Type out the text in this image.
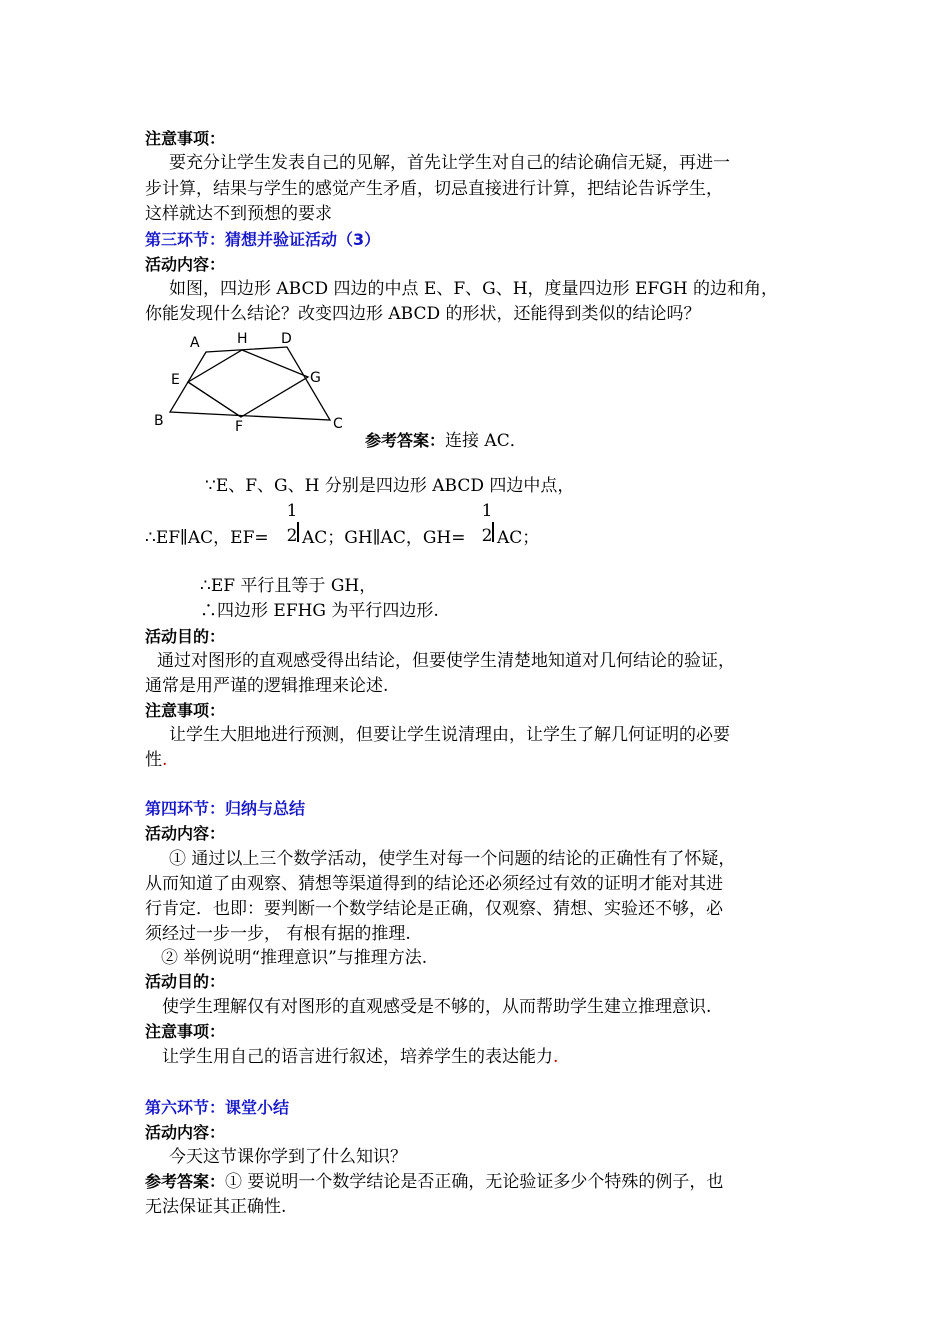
注意事项：
要充分让学生发表自己的见解，首先让学生对自己的结论确信无疑，再进一
步计算，结果与学生的感觉产生矛盾，切忌直接进行计算，把结论告诉学生，
这样就达不到预想的要求
第三环节：猜想并验证活动（3）
活动内容：
如图，四边形 ABCD 四边的中点 E、F、G、H，度量四边形 EFGH 的边和角，
你能发现什么结论？改变四边形 ABCD 的形状，还能得到类似的结论吗？
A	H D
E	G
B	F	C
参考答案：连接 AC．
∵E、F、G、H 分别是四边形 ABCD 四边中点，
∴EF∥AC，EF=
1
2 AC；GH∥AC，GH=
1
2 AC；
∴EF 平行且等于 GH，
∴四边形 EFHG 为平行四边形.
活动目的：
通过对图形的直观感受得出结论，但要使学生清楚地知道对几何结论的验证，
通常是用严谨的逻辑推理来论述.
注意事项：
让学生大胆地进行预测，但要让学生说清理由，让学生了解几何证明的必要
性.
第四环节：归纳与总结
活动内容：
① 通过以上三个数学活动，使学生对每一个问题的结论的正确性有了怀疑，
从而知道了由观察、猜想等渠道得到的结论还必须经过有效的证明才能对其进
行肯定．也即：要判断一个数学结论是正确，仅观察、猜想、实验还不够，必
须经过一步一步， 有根有据的推理.
② 举例说明“推理意识”与推理方法.
活动目的：
使学生理解仅有对图形的直观感受是不够的，从而帮助学生建立推理意识.
注意事项：
让学生用自己的语言进行叙述，培养学生的表达能力.
第六环节：课堂小结
活动内容：
今天这节课你学到了什么知识？
参考答案：① 要说明一个数学结论是否正确，无论验证多少个特殊的例子，也
无法保证其正确性.
